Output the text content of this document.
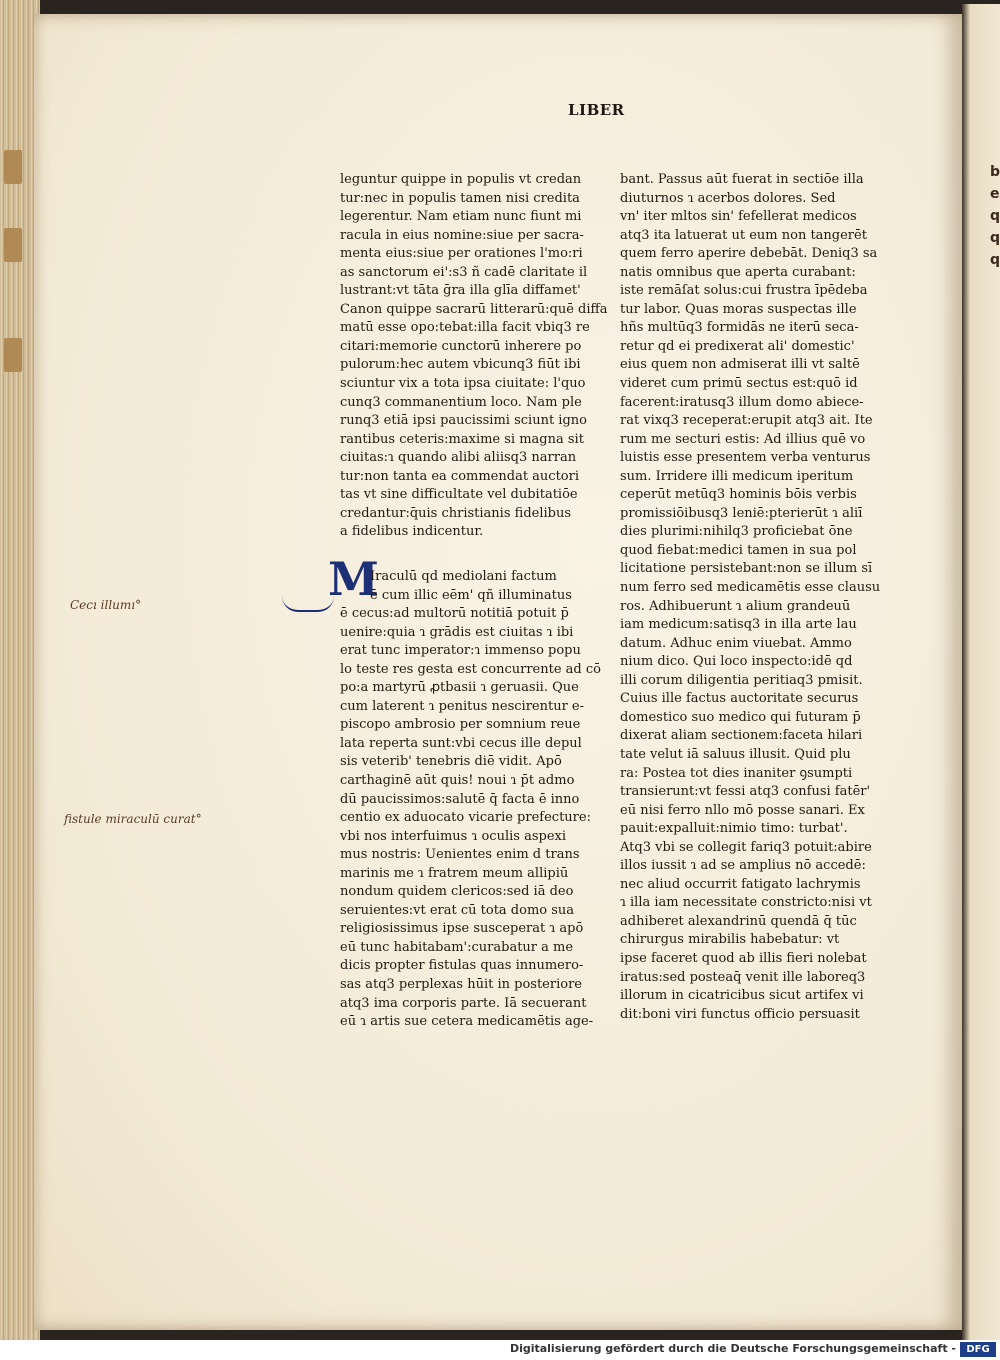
b
e
q
q
q
LIBER
leguntur quippe in populis vt credan
tur:nec in populis tamen nisi credita
legerentur. Nam etiam nunc fiunt mi
racula in eius nomine:siue per sacra-
menta eius:siue per orationes l'mo:ri
as sanctorum ei':s3 ñ cadē claritate il
lustrant:vt tāta ḡra illa glīa diffamet'
Canon quippe sacrarū litterarū:quē diffa
matū esse opo:tebat:illa facit vbiq3 re
citari:memorie cunctorū inherere po
pulorum:hec autem vbicunq3 fiūt ibi
sciuntur vix a tota ipsa ciuitate: l'quo
cunq3 commanentium loco. Nam ple
runq3 etiā ipsi paucissimi sciunt igno
rantibus ceteris:maxime si magna sit
ciuitas:ɿ quando alibi aliisq3 narran
tur:non tanta ea commendat auctori
tas vt sine difficultate vel dubitatiōe
credantur:q̄uis christianis fidelibus
a fidelibus indicentur.
M
Iraculū qd mediolani factum
ē cum illic eēm' qñ illuminatus
ē cecus:ad multorū notitiā potuit p̄
uenire:quia ɿ grādis est ciuitas ɿ ibi
erat tunc imperator:ɿ immenso popu
lo teste res gesta est concurrente ad cō
po:a martyrū ꝓtbasii ɿ geruasii. Que
cum laterent ɿ penitus nescirentur e-
piscopo ambrosio per somnium reue
lata reperta sunt:vbi cecus ille depul
sis veterib' tenebris diē vidit. Apō
carthaginē aūt quis! noui ɿ p̄t admo
dū paucissimos:salutē q̄ facta ē inno
centio ex aduocato vicarie prefecture:
vbi nos interfuimus ɿ oculis aspexi
mus nostris: Uenientes enim d trans
marinis me ɿ fratrem meum allipiū
nondum quidem clericos:sed iā deo
seruientes:vt erat cū tota domo sua
religiosissimus ipse susceperat ɿ apō
eū tunc habitabam':curabatur a me
dicis propter fistulas quas innumero-
sas atq3 perplexas hūit in posteriore
atq3 ima corporis parte. Iā secuerant
eū ɿ artis sue cetera medicamētis age-
bant. Passus aūt fuerat in sectiōe illa
diuturnos ɿ acerbos dolores. Sed
vn' iter mltos sin' fefellerat medicos
atq3 ita latuerat ut eum non tangerēt
quem ferro aperire debebāt. Deniq3 sa
natis omnibus que aperta curabant:
iste remāſat solus:cui frustra īpēdeba
tur labor. Quas moras suspectas ille
hñs multūq3 formidās ne iterū seca-
retur qd ei predixerat ali' domestic'
eius quem non admiserat illi vt saltē
videret cum primū sectus est:quō id
facerent:iratusq3 illum domo abiece-
rat vixq3 receperat:erupit atq3 ait. Ite
rum me secturi estis: Ad illius quē vo
luistis esse presentem verba venturus
sum. Irridere illi medicum iperitum
ceperūt metūq3 hominis bōis verbis
promissiōibusq3 leniē:pterierūt ɿ aliī
dies plurimi:nihilq3 proficiebat ōne
quod fiebat:medici tamen in sua pol
licitatione persistebant:non se illum sī
num ferro sed medicamētis esse clausu
ros. Adhibuerunt ɿ alium grandeuū
iam medicum:satisq3 in illa arte lau
datum. Adhuc enim viuebat. Ammo
nium dico. Qui loco inspecto:idē qd
illi corum diligentia peritiaq3 pmisit.
Cuius ille factus auctoritate securus
domestico suo medico qui futuram p̄
dixerat aliam sectionem:faceta hilari
tate velut iā saluus illusit. Quid plu
ra: Postea tot dies inaniter ꝯsumpti
transierunt:vt fessi atq3 confusi fatēr'
eū nisi ferro nllo mō posse sanari. Ex
pauit:expalluit:nimio timo: turbat'.
Atq3 vbi se collegit fariq3 potuit:abire
illos iussit ɿ ad se amplius nō accedē:
nec aliud occurrit fatigato lachrymis
ɿ illa iam necessitate constricto:nisi vt
adhiberet alexandrinū quendā q̄ tūc
chirurgus mirabilis habebatur: vt
ipse faceret quod ab illis fieri nolebat
iratus:sed posteaq̄ venit ille laboreq3
illorum in cicatricibus sicut artifex vi
dit:boni viri functus officio persuasit
Cecı illumı°
fistule miraculū curat°
Digitalisierung gefördert durch die Deutsche Forschungsgemeinschaft -	DFG
